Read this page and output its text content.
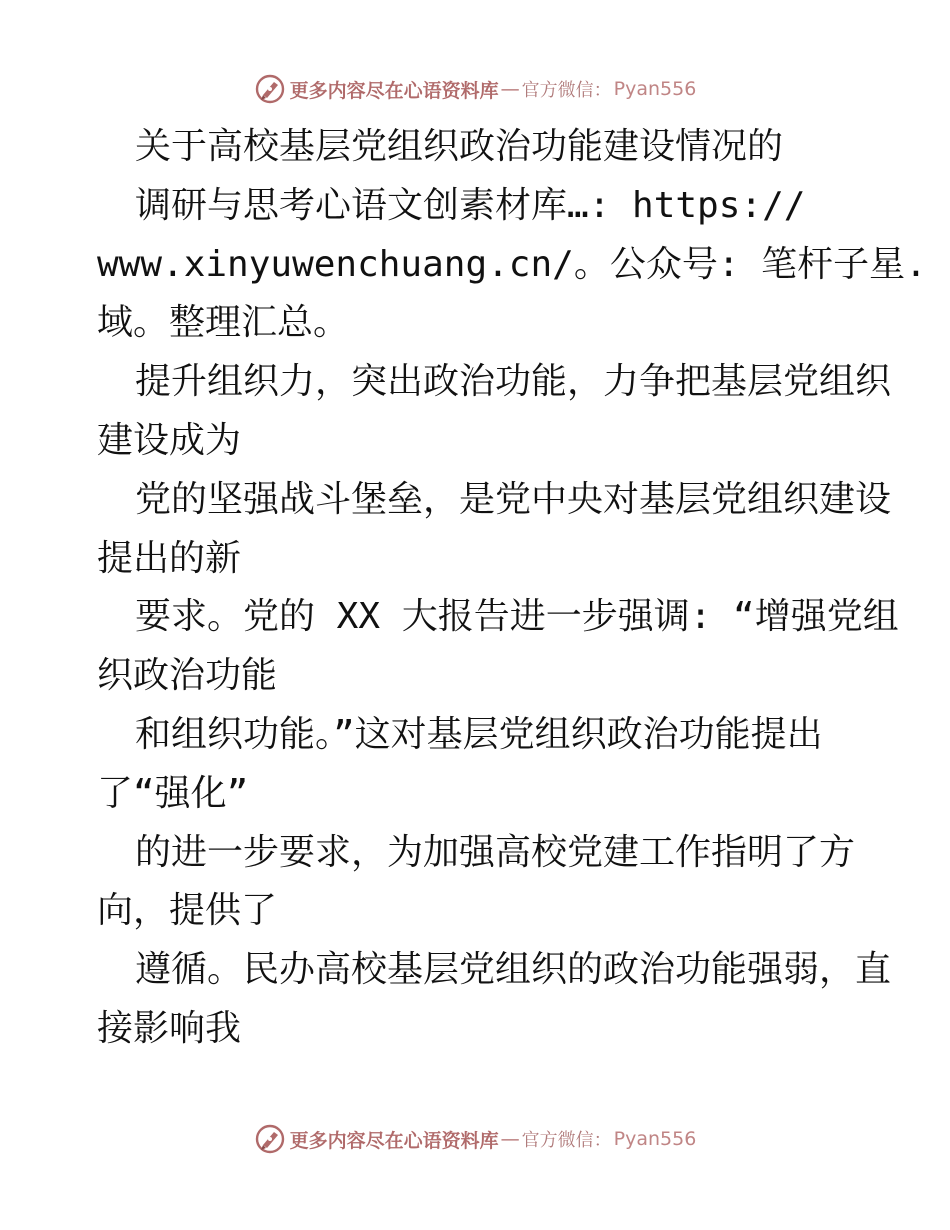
更多内容尽在心语资料库 — 官方微信： Pyan556
关于高校基层党组织政治功能建设情况的
调研与思考心语文创素材库…: https://
www.xinyuwenchuang.cn/。公众号: 笔杆子星.
域。整理汇总。
提升组织力，突出政治功能，力争把基层党组织
建设成为
党的坚强战斗堡垒，是党中央对基层党组织建设
提出的新
要求。党的 XX 大报告进一步强调: “增强党组
织政治功能
和组织功能。”这对基层党组织政治功能提出
了“强化”
的进一步要求，为加强高校党建工作指明了方
向，提供了
遵循。民办高校基层党组织的政治功能强弱，直
接影响我
更多内容尽在心语资料库 — 官方微信： Pyan556
